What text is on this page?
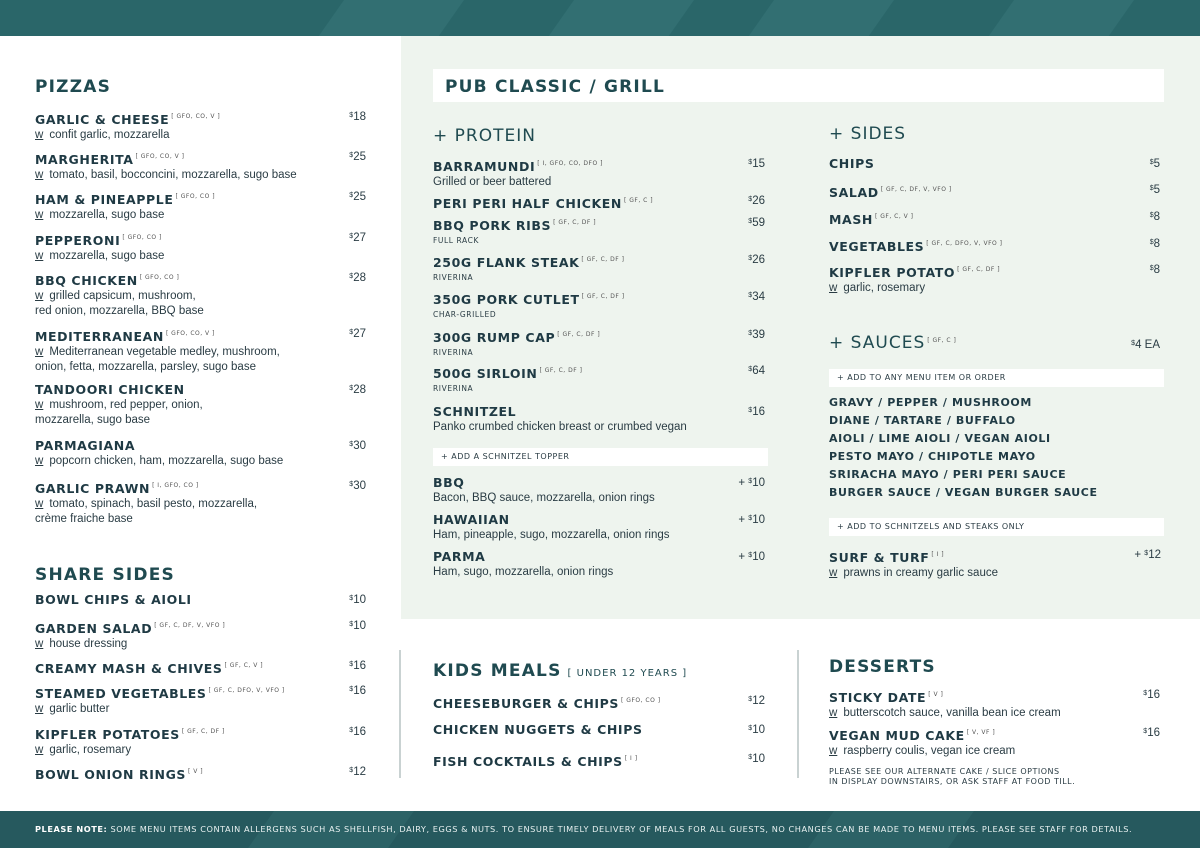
PIZZAS
SHARE SIDES
PUB CLASSIC / GRILL
+ PROTEIN	+ SIDES
+ SAUCES [ GF, C ]	$4 EA
KIDS MEALS [ UNDER 12 YEARS ]	DESSERTS
GARLIC & CHEESE [ GFO, CO, V ]
w confit garlic, mozzarella
$18
MARGHERITA [ GFO, CO, V ]
w tomato, basil, bocconcini, mozzarella, sugo base
$25
HAM & PINEAPPLE [ GFO, CO ]
w mozzarella, sugo base
$25
PEPPERONI [ GFO, CO ]
w mozzarella, sugo base
$27
BBQ CHICKEN [ GFO, CO ]
w grilled capsicum, mushroom,
red onion, mozzarella, BBQ base
$28
MEDITERRANEAN [ GFO, CO, V ]
w Mediterranean vegetable medley, mushroom,
onion, fetta, mozzarella, parsley, sugo base
$27
TANDOORI CHICKEN
w mushroom, red pepper, onion,
mozzarella, sugo base
$28
PARMAGIANA
w popcorn chicken, ham, mozzarella, sugo base
$30
GARLIC PRAWN [ I, GFO, CO ]
w tomato, spinach, basil pesto, mozzarella,
crème fraiche base
$30
BOWL CHIPS & AIOLI	$10
GARDEN SALAD [ GF, C, DF, V, VFO ]
w house dressing
$10
CREAMY MASH & CHIVES [ GF, C, V ]	$16
STEAMED VEGETABLES [ GF, C, DFO, V, VFO ]
w garlic butter
$16
KIPFLER POTATOES [ GF, C, DF ]
w garlic, rosemary
$16
BOWL ONION RINGS [ V ]	$12
BARRAMUNDI [ I, GFO, CO, DFO ]
Grilled or beer battered
$15
PERI PERI HALF CHICKEN [ GF, C ]	$26
BBQ PORK RIBS [ GF, C, DF ]
FULL RACK
$59
250G FLANK STEAK [ GF, C, DF ]
RIVERINA
$26
350G PORK CUTLET [ GF, C, DF ]
CHAR-GRILLED
$34
300G RUMP CAP [ GF, C, DF ]
RIVERINA
$39
500G SIRLOIN [ GF, C, DF ]
RIVERINA
$64
SCHNITZEL
Panko crumbed chicken breast or crumbed vegan
$16
BBQ
Bacon, BBQ sauce, mozzarella, onion rings
+ $10
HAWAIIAN
Ham, pineapple, sugo, mozzarella, onion rings
+ $10
PARMA
Ham, sugo, mozzarella, onion rings
+ $10
CHIPS	$5
SALAD [ GF, C, DF, V, VFO ]	$5
MASH [ GF, C, V ]	$8
VEGETABLES [ GF, C, DFO, V, VFO ]	$8
KIPFLER POTATO [ GF, C, DF ]
w garlic, rosemary
$8
CHEESEBURGER & CHIPS [ GFO, CO ]	$12
CHICKEN NUGGETS & CHIPS	$10
FISH COCKTAILS & CHIPS [ I ]	$10
STICKY DATE [ V ]
w butterscotch sauce, vanilla bean ice cream
$16
VEGAN MUD CAKE [ V, VF ]
w raspberry coulis, vegan ice cream
$16
+ ADD A SCHNITZEL TOPPER
+ ADD TO ANY MENU ITEM OR ORDER
+ ADD TO SCHNITZELS AND STEAKS ONLY
GRAVY / PEPPER / MUSHROOM
DIANE / TARTARE / BUFFALO
AIOLI / LIME AIOLI / VEGAN AIOLI
PESTO MAYO / CHIPOTLE MAYO
SRIRACHA MAYO / PERI PERI SAUCE
BURGER SAUCE / VEGAN BURGER SAUCE
SURF & TURF [ I ]
w prawns in creamy garlic sauce
+ $12
PLEASE SEE OUR ALTERNATE CAKE / SLICE OPTIONS
IN DISPLAY DOWNSTAIRS, OR ASK STAFF AT FOOD TILL.
PLEASE NOTE: SOME MENU ITEMS CONTAIN ALLERGENS SUCH AS SHELLFISH, DAIRY, EGGS & NUTS. TO ENSURE TIMELY DELIVERY OF MEALS FOR ALL GUESTS, NO CHANGES CAN BE MADE TO MENU ITEMS. PLEASE SEE STAFF FOR DETAILS.
